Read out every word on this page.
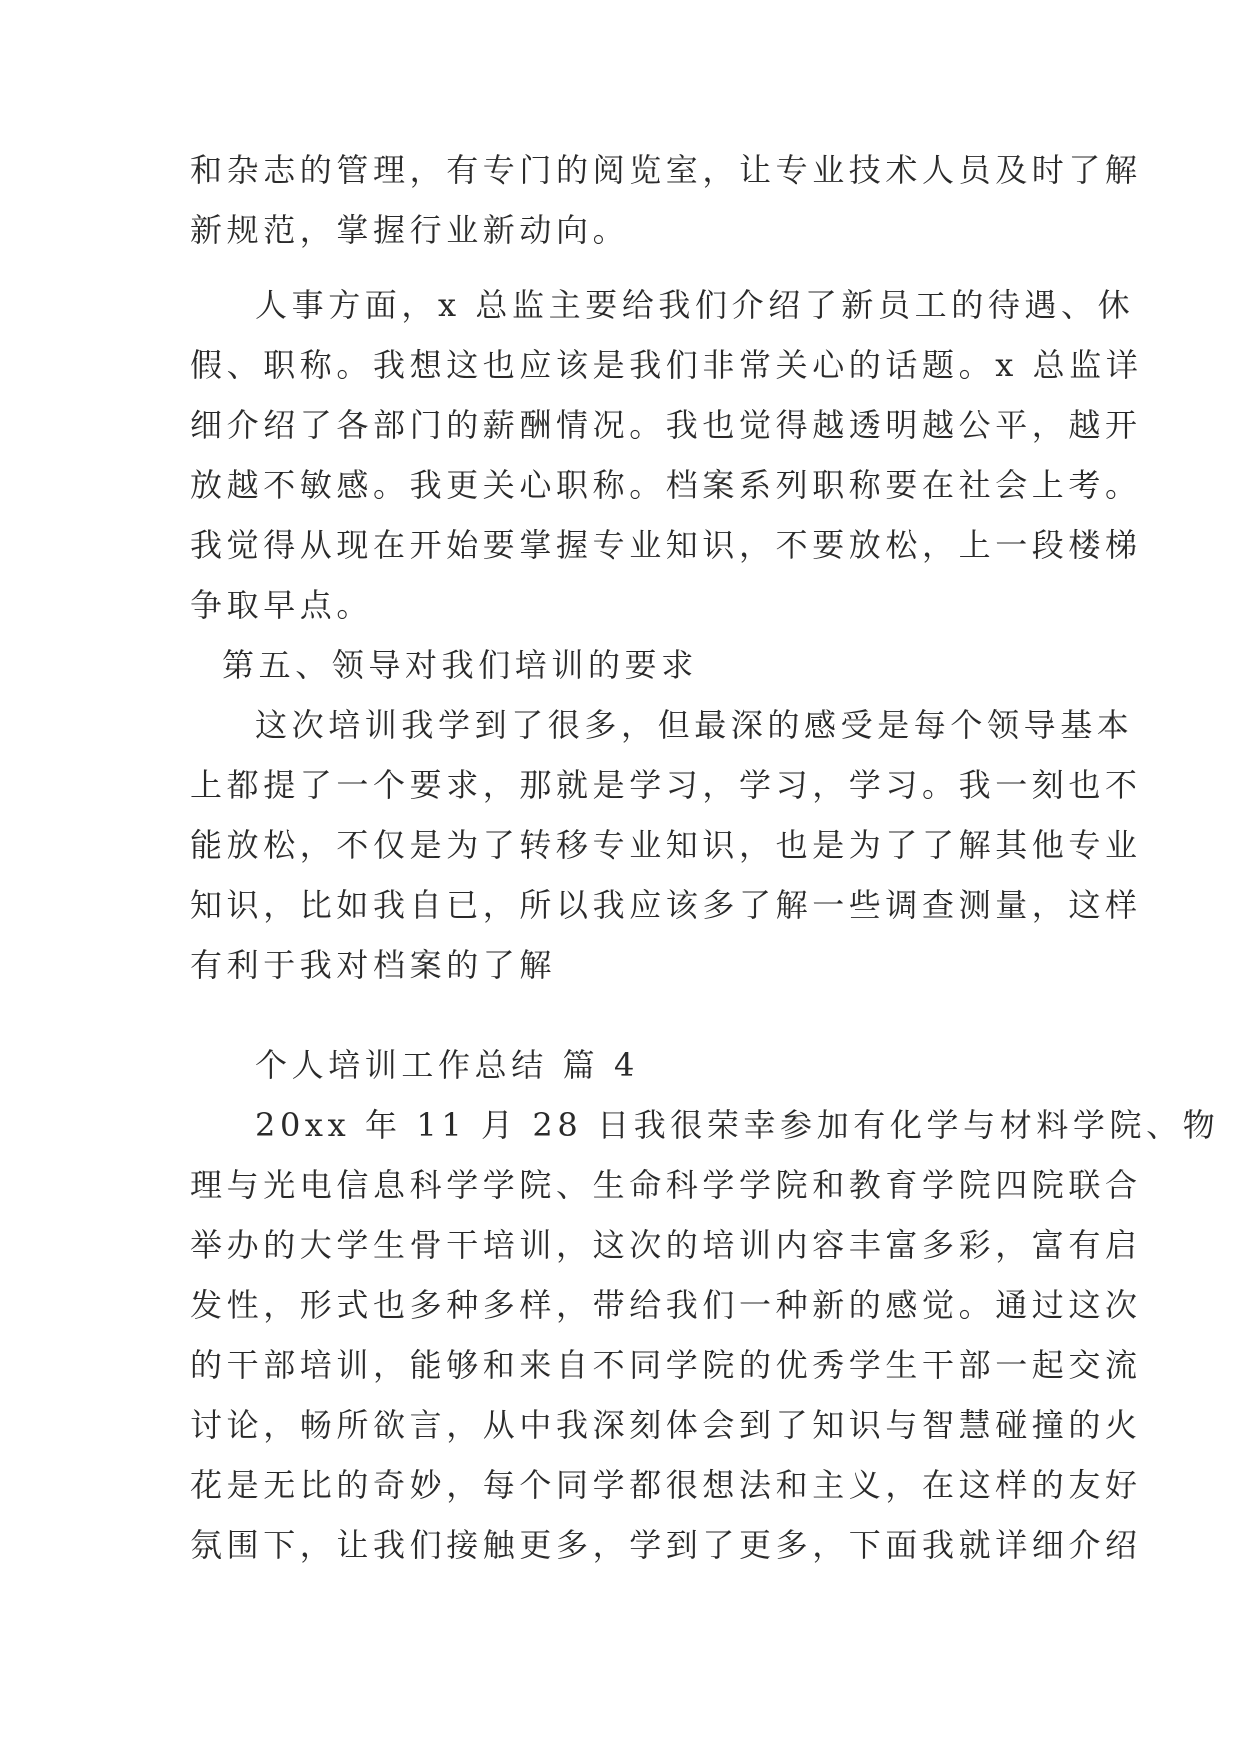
和杂志的管理，有专门的阅览室，让专业技术人员及时了解
新规范，掌握行业新动向。
人事方面，x 总监主要给我们介绍了新员工的待遇、休
假、职称。我想这也应该是我们非常关心的话题。x 总监详
细介绍了各部门的薪酬情况。我也觉得越透明越公平，越开
放越不敏感。我更关心职称。档案系列职称要在社会上考。
我觉得从现在开始要掌握专业知识，不要放松，上一段楼梯
争取早点。
第五、领导对我们培训的要求
这次培训我学到了很多，但最深的感受是每个领导基本
上都提了一个要求，那就是学习，学习，学习。我一刻也不
能放松，不仅是为了转移专业知识，也是为了了解其他专业
知识，比如我自已，所以我应该多了解一些调查测量，这样
有利于我对档案的了解
个人培训工作总结 篇 4
20xx 年 11 月 28 日我很荣幸参加有化学与材料学院、物
理与光电信息科学学院、生命科学学院和教育学院四院联合
举办的大学生骨干培训，这次的培训内容丰富多彩，富有启
发性，形式也多种多样，带给我们一种新的感觉。通过这次
的干部培训，能够和来自不同学院的优秀学生干部一起交流
讨论，畅所欲言，从中我深刻体会到了知识与智慧碰撞的火
花是无比的奇妙，每个同学都很想法和主义，在这样的友好
氛围下，让我们接触更多，学到了更多，下面我就详细介绍
